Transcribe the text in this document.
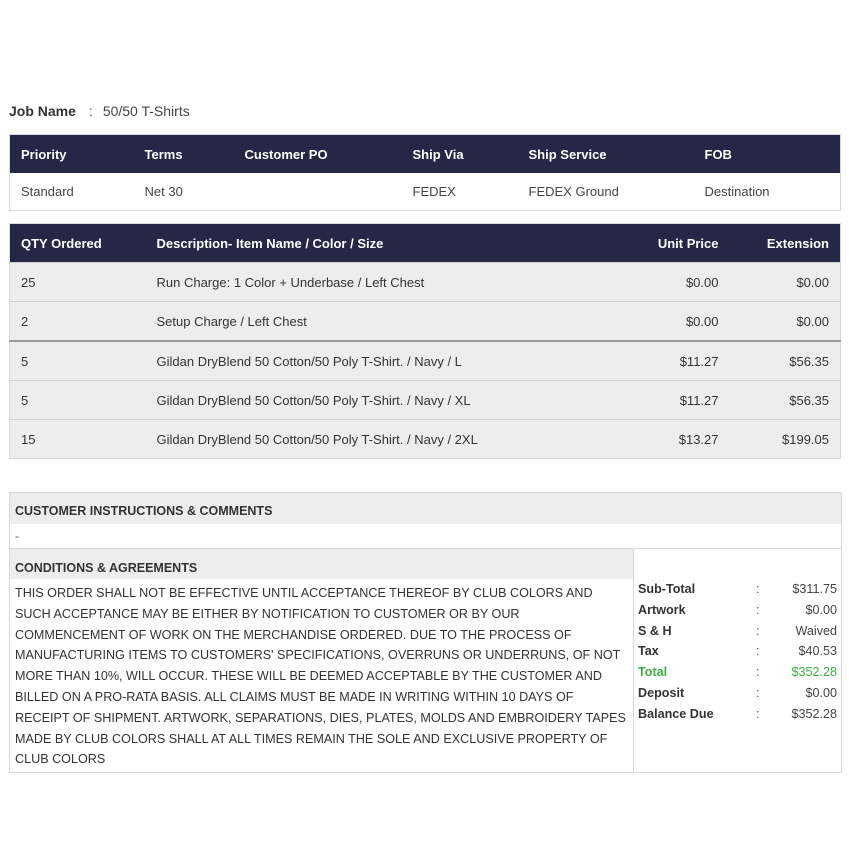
Job Name : 50/50 T-Shirts
Priority	Terms	Customer PO	Ship Via	Ship Service	FOB
Standard	Net 30		FEDEX	FEDEX Ground	Destination
QTY Ordered	Description- Item Name / Color / Size	Unit Price	Extension
25	Run Charge: 1 Color + Underbase / Left Chest	$0.00	$0.00
2	Setup Charge / Left Chest	$0.00	$0.00
5	Gildan DryBlend 50 Cotton/50 Poly T-Shirt. / Navy / L	$11.27	$56.35
5	Gildan DryBlend 50 Cotton/50 Poly T-Shirt. / Navy / XL	$11.27	$56.35
15	Gildan DryBlend 50 Cotton/50 Poly T-Shirt. / Navy / 2XL	$13.27	$199.05
CUSTOMER INSTRUCTIONS & COMMENTS
-
CONDITIONS & AGREEMENTS
THIS ORDER SHALL NOT BE EFFECTIVE UNTIL ACCEPTANCE THEREOF BY CLUB COLORS AND SUCH ACCEPTANCE MAY BE EITHER BY NOTIFICATION TO CUSTOMER OR BY OUR COMMENCEMENT OF WORK ON THE MERCHANDISE ORDERED. DUE TO THE PROCESS OF MANUFACTURING ITEMS TO CUSTOMERS' SPECIFICATIONS, OVERRUNS OR UNDERRUNS, OF NOT MORE THAN 10%, WILL OCCUR. THESE WILL BE DEEMED ACCEPTABLE BY THE CUSTOMER AND BILLED ON A PRO-RATA BASIS. ALL CLAIMS MUST BE MADE IN WRITING WITHIN 10 DAYS OF RECEIPT OF SHIPMENT. ARTWORK, SEPARATIONS, DIES, PLATES, MOLDS AND EMBROIDERY TAPES MADE BY CLUB COLORS SHALL AT ALL TIMES REMAIN THE SOLE AND EXCLUSIVE PROPERTY OF CLUB COLORS
Sub-Total	:	$311.75
Artwork	:	$0.00
S & H	:	Waived
Tax	:	$40.53
Total	:	$352.28
Deposit	:	$0.00
Balance Due	:	$352.28
